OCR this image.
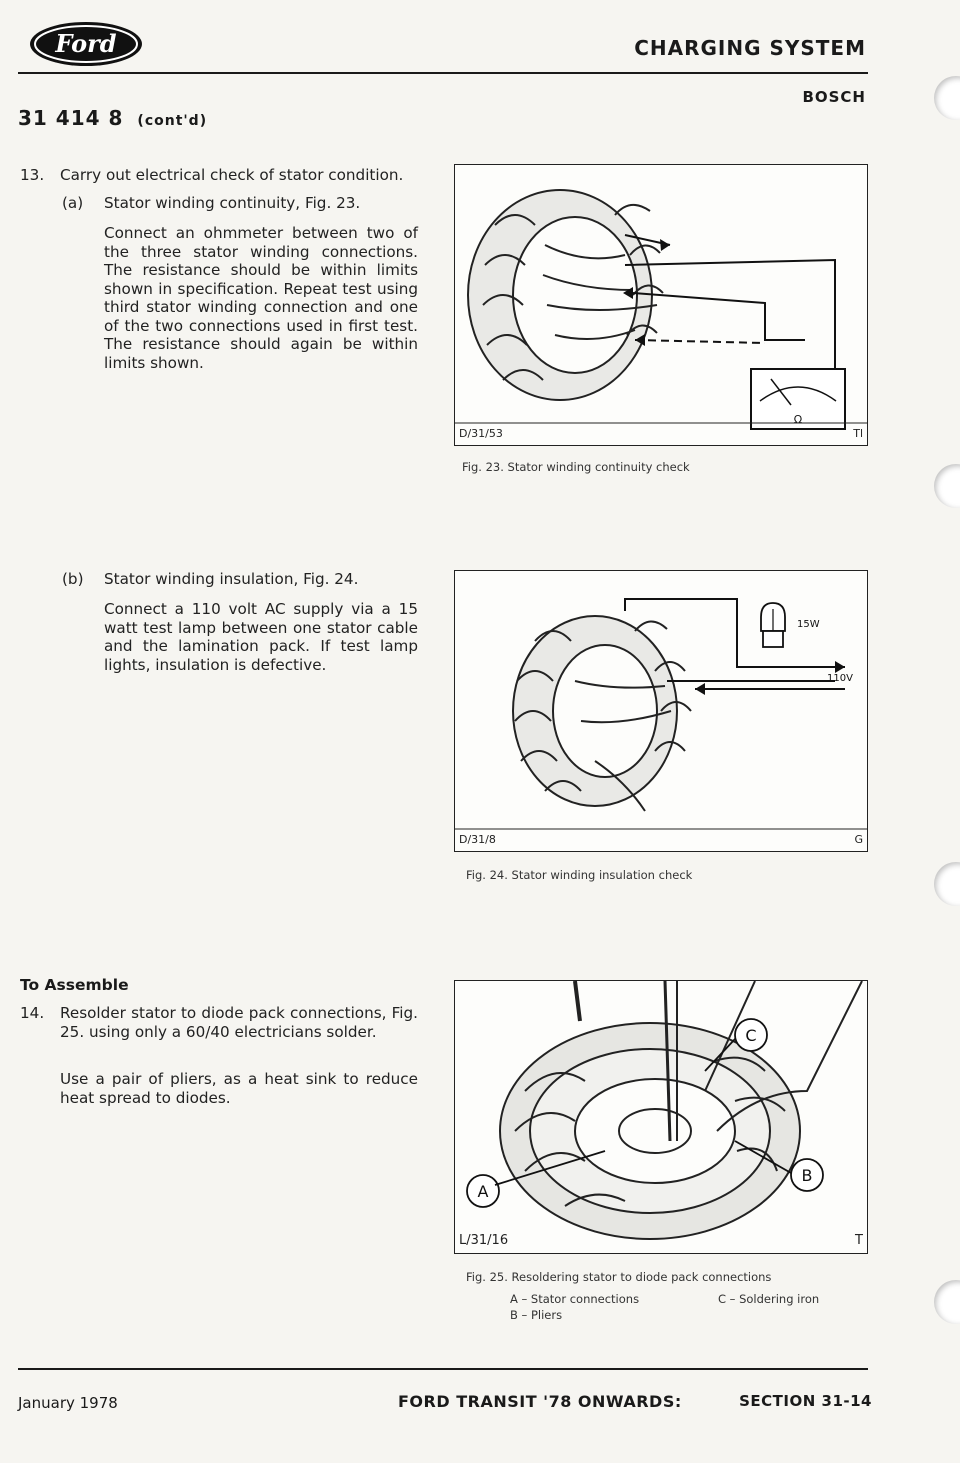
Ford	CHARGING SYSTEM
BOSCH
31 414 8 (cont'd)
13. Carry out electrical check of stator condition.
(a) Stator winding continuity, Fig. 23.
Connect an ohmmeter between two of the three stator winding connections. The resistance should be within limits shown in specification. Repeat test using third stator winding connection and one of the two connections used in first test. The resistance should again be within limits shown.
(b) Stator winding insulation, Fig. 24.
Connect a 110 volt AC supply via a 15 watt test lamp between one stator cable and the lamination pack. If test lamp lights, insulation is defective.
To Assemble
14. Resolder stator to diode pack connections, Fig. 25. using only a 60/40 electricians solder.
Use a pair of pliers, as a heat sink to reduce heat spread to diodes.
Ω
D/31/53	Tl
Fig. 23. Stator winding continuity check
15W
110V
D/31/8	G
Fig. 24. Stator winding insulation check
C
B
A
L/31/16	T
Fig. 25. Resoldering stator to diode pack connections
A – Stator connections
B – Pliers
C – Soldering iron
January 1978	FORD TRANSIT '78 ONWARDS:	SECTION 31-14
